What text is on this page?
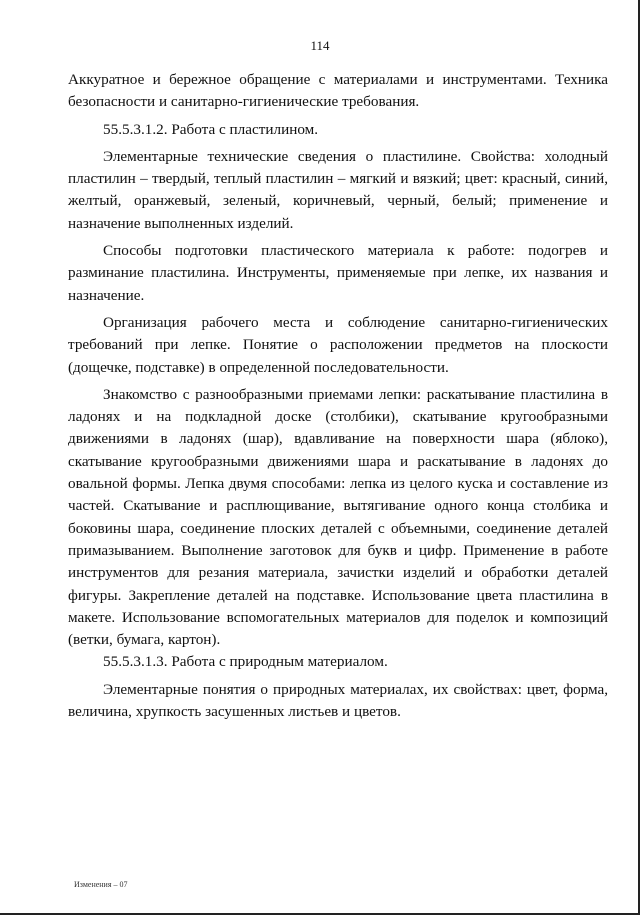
114

Аккуратное и бережное обращение с материалами и инструментами. Техника безопасности и санитарно-гигиенические требования.

55.5.3.1.2. Работа с пластилином.

Элементарные технические сведения о пластилине. Свойства: холодный пластилин – твердый, теплый пластилин – мягкий и вязкий; цвет: красный, синий, желтый, оранжевый, зеленый, коричневый, черный, белый; применение и назначение выполненных изделий.

Способы подготовки пластического материала к работе: подогрев и разминание пластилина. Инструменты, применяемые при лепке, их названия и назначение.

Организация рабочего места и соблюдение санитарно-гигиенических требований при лепке. Понятие о расположении предметов на плоскости (дощечке, подставке) в определенной последовательности.

Знакомство с разнообразными приемами лепки: раскатывание пластилина в ладонях и на подкладной доске (столбики), скатывание кругообразными движениями в ладонях (шар), вдавливание на поверхности шара (яблоко), скатывание кругообразными движениями шара и раскатывание в ладонях до овальной формы. Лепка двумя способами: лепка из целого куска и составление из частей. Скатывание и расплющивание, вытягивание одного конца столбика и боковины шара, соединение плоских деталей с объемными, соединение деталей примазыванием. Выполнение заготовок для букв и цифр. Применение в работе инструментов для резания материала, зачистки изделий и обработки деталей фигуры. Закрепление деталей на подставке. Использование цвета пластилина в макете. Использование вспомогательных материалов для поделок и композиций (ветки, бумага, картон).

55.5.3.1.3. Работа с природным материалом.

Элементарные понятия о природных материалах, их свойствах: цвет, форма, величина, хрупкость засушенных листьев и цветов.

Изменения – 07
